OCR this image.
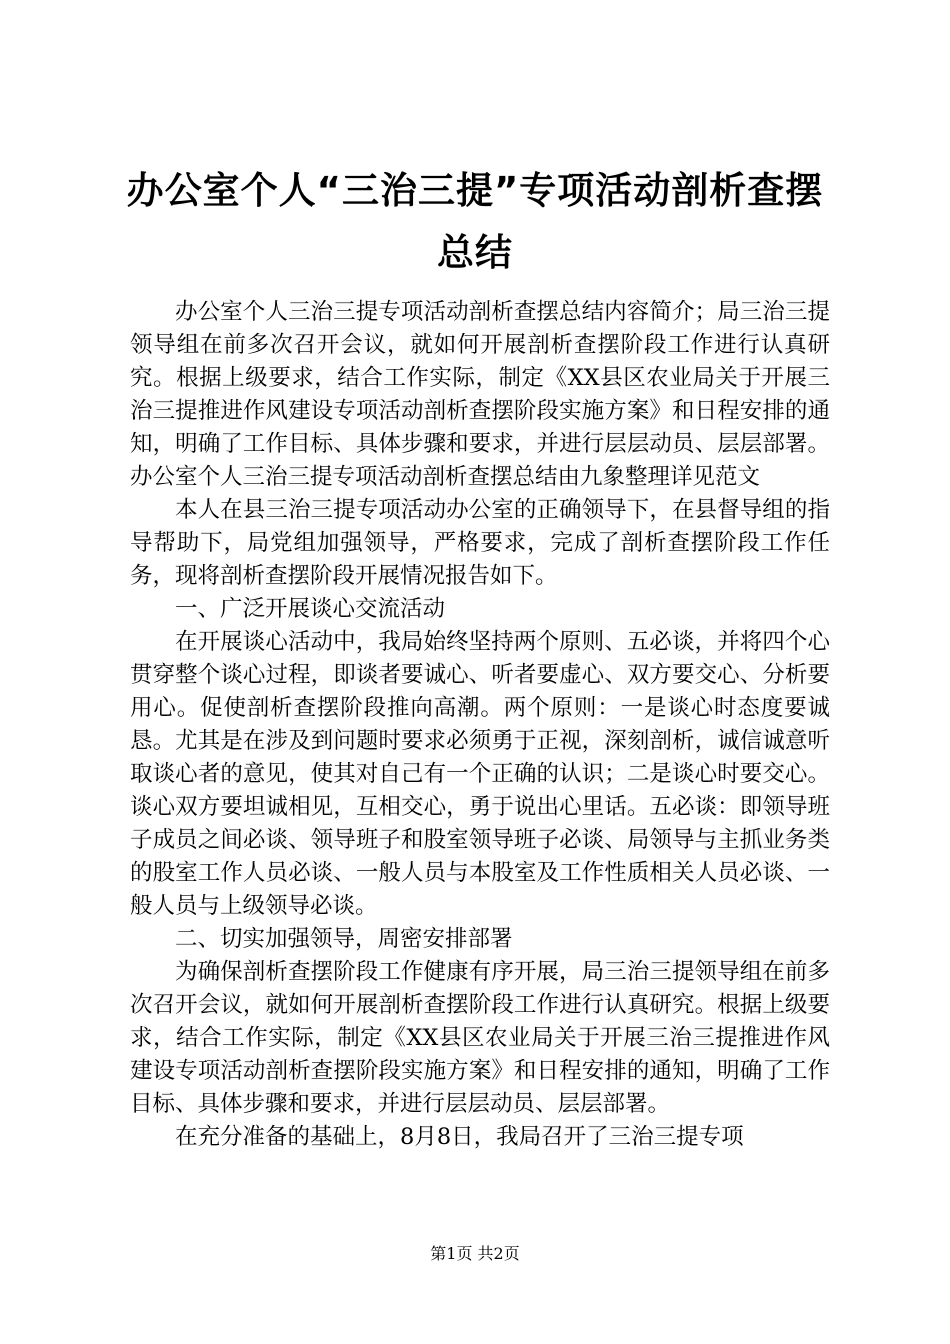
办公室个人“三治三提”专项活动剖析查摆总结

办公室个人三治三提专项活动剖析查摆总结内容简介；局三治三提领导组在前多次召开会议，就如何开展剖析查摆阶段工作进行认真研究。根据上级要求，结合工作实际，制定《XX县区农业局关于开展三治三提推进作风建设专项活动剖析查摆阶段实施方案》和日程安排的通知，明确了工作目标、具体步骤和要求，并进行层层动员、层层部署。办公室个人三治三提专项活动剖析查摆总结由九象整理详见范文

本人在县三治三提专项活动办公室的正确领导下，在县督导组的指导帮助下，局党组加强领导，严格要求，完成了剖析查摆阶段工作任务，现将剖析查摆阶段开展情况报告如下。

一、广泛开展谈心交流活动

在开展谈心活动中，我局始终坚持两个原则、五必谈，并将四个心贯穿整个谈心过程，即谈者要诚心、听者要虚心、双方要交心、分析要用心。促使剖析查摆阶段推向高潮。两个原则：一是谈心时态度要诚恳。尤其是在涉及到问题时要求必须勇于正视，深刻剖析，诚信诚意听取谈心者的意见，使其对自己有一个正确的认识；二是谈心时要交心。谈心双方要坦诚相见，互相交心，勇于说出心里话。五必谈：即领导班子成员之间必谈、领导班子和股室领导班子必谈、局领导与主抓业务类的股室工作人员必谈、一般人员与本股室及工作性质相关人员必谈、一般人员与上级领导必谈。

二、切实加强领导，周密安排部署

为确保剖析查摆阶段工作健康有序开展，局三治三提领导组在前多次召开会议，就如何开展剖析查摆阶段工作进行认真研究。根据上级要求，结合工作实际，制定《XX县区农业局关于开展三治三提推进作风建设专项活动剖析查摆阶段实施方案》和日程安排的通知，明确了工作目标、具体步骤和要求，并进行层层动员、层层部署。

在充分准备的基础上，8月8日，我局召开了三治三提专项

第1页 共2页
